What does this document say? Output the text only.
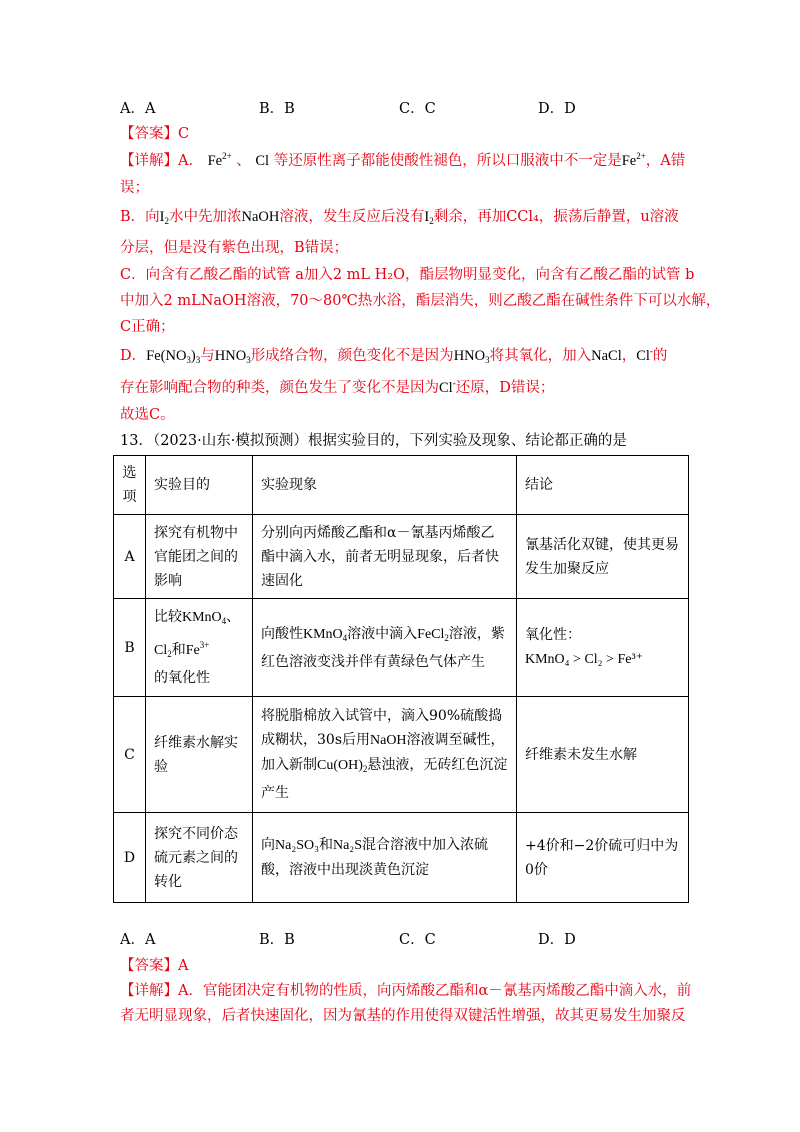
A．A	B．B	C．C	D．D
【答案】C
【详解】A． $Fe^{2+}$ 、 Cl 等还原性离子都能使酸性褪色，所以口服液中不一定是$Fe^{2+}$，A错
误；
B．向$I_2$水中先加浓NaOH溶液，发生反应后没有$I_2$剩余，再加CCl₄，振荡后静置，u溶液
分层，但是没有紫色出现，B错误；
C．向含有乙酸乙酯的试管 a加入2 mL H₂O，酯层物明显变化，向含有乙酸乙酯的试管 b
中加入2 mLNaOH溶液，70～80℃热水浴，酯层消失，则乙酸乙酯在碱性条件下可以水解，
C正确；
D．$Fe(NO_3)_3$与$HNO_3$形成络合物，颜色变化不是因为$HNO_3$将其氧化，加入NaCl，Cl-的
存在影响配合物的种类，颜色发生了变化不是因为Cl-还原，D错误；
故选C。
13．（2023·山东·模拟预测）根据实验目的，下列实验及现象、结论都正确的是
选项	实验目的	实验现象	结论
A	探究有机物中官能团之间的影响	分别向丙烯酸乙酯和α－氰基丙烯酸乙酯中滴入水，前者无明显现象，后者快速固化	氰基活化双键，使其更易发生加聚反应
B	比较KMnO$_4$、
$Cl_2$和$Fe^{3+}$
的氧化性	向酸性KMnO$_4$溶液中滴入FeCl$_2$溶液，紫红色溶液变浅并伴有黄绿色气体产生	氧化性：
KMnO₄ > Cl₂ > Fe³⁺
C	纤维素水解实验	将脱脂棉放入试管中，滴入90%硫酸捣成糊状，30s后用NaOH溶液调至碱性，加入新制$Cu(OH)_2$悬浊液，无砖红色沉淀产生	纤维素未发生水解
D	探究不同价态硫元素之间的转化	向Na₂SO₃和Na₂S混合溶液中加入浓硫酸，溶液中出现淡黄色沉淀	+4价和−2价硫可归中为0价
A．A	B．B	C．C	D．D
【答案】A
【详解】A．官能团决定有机物的性质，向丙烯酸乙酯和α－氰基丙烯酸乙酯中滴入水，前
者无明显现象，后者快速固化，因为氰基的作用使得双键活性增强，故其更易发生加聚反
